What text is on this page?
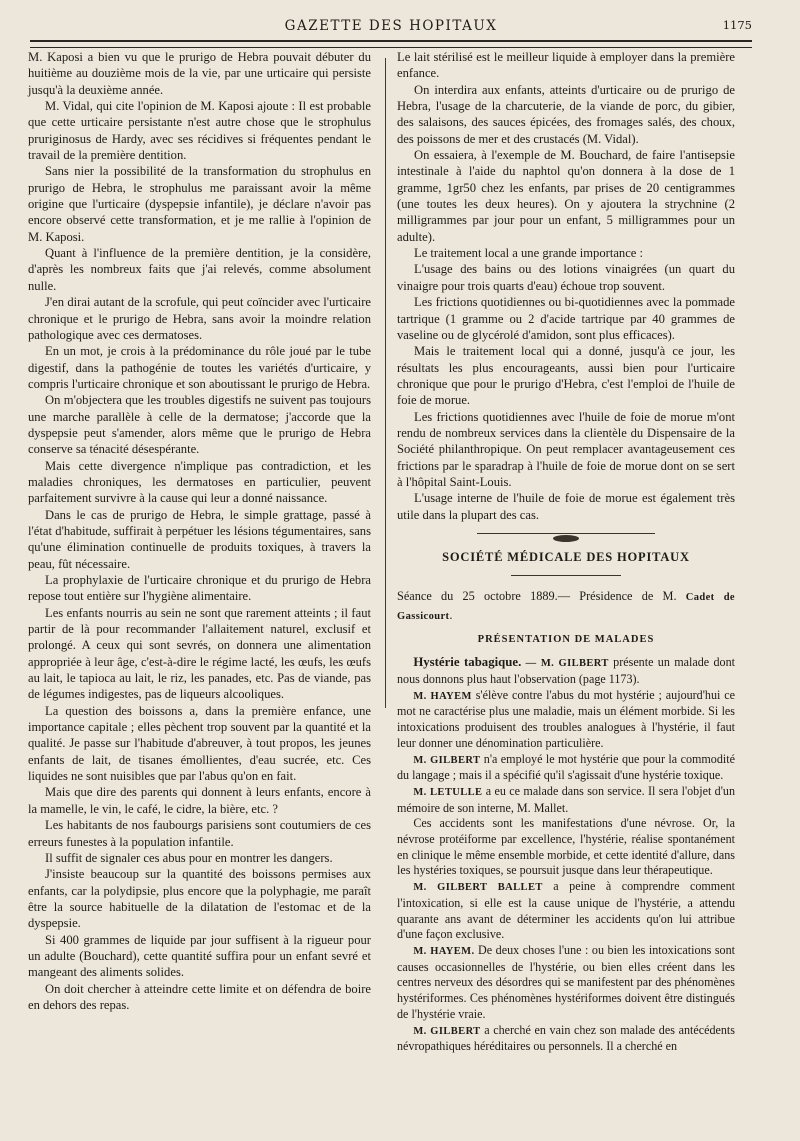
GAZETTE DES HOPITAUX	1175

M. Kaposi a bien vu que le prurigo de Hebra pouvait débuter du huitième au douzième mois de la vie, par une urticaire qui persiste jusqu'à la deuxième année.

M. Vidal, qui cite l'opinion de M. Kaposi ajoute : Il est probable que cette urticaire persistante n'est autre chose que le strophulus pruriginosus de Hardy, avec ses récidives si fréquentes pendant le travail de la première dentition.

Sans nier la possibilité de la transformation du strophulus en prurigo de Hebra, le strophulus me paraissant avoir la même origine que l'urticaire (dyspepsie infantile), je déclare n'avoir pas encore observé cette transformation, et je me rallie à l'opinion de M. Kaposi.

Quant à l'influence de la première dentition, je la considère, d'après les nombreux faits que j'ai relevés, comme absolument nulle.

J'en dirai autant de la scrofule, qui peut coïncider avec l'urticaire chronique et le prurigo de Hebra, sans avoir la moindre relation pathologique avec ces dermatoses.

En un mot, je crois à la prédominance du rôle joué par le tube digestif, dans la pathogénie de toutes les variétés d'urticaire, y compris l'urticaire chronique et son aboutissant le prurigo de Hebra.

On m'objectera que les troubles digestifs ne suivent pas toujours une marche parallèle à celle de la dermatose; j'accorde que la dyspepsie peut s'amender, alors même que le prurigo de Hebra conserve sa ténacité désespérante.

Mais cette divergence n'implique pas contradiction, et les maladies chroniques, les dermatoses en particulier, peuvent parfaitement survivre à la cause qui leur a donné naissance.

Dans le cas de prurigo de Hebra, le simple grattage, passé à l'état d'habitude, suffirait à perpétuer les lésions tégumentaires, sans qu'une élimination continuelle de produits toxiques, à travers la peau, fût nécessaire.

La prophylaxie de l'urticaire chronique et du prurigo de Hebra repose tout entière sur l'hygiène alimentaire.

Les enfants nourris au sein ne sont que rarement atteints ; il faut partir de là pour recommander l'allaitement naturel, exclusif et prolongé. A ceux qui sont sevrés, on donnera une alimentation appropriée à leur âge, c'est-à-dire le régime lacté, les œufs, les œufs au lait, le tapioca au lait, le riz, les panades, etc. Pas de viande, pas de légumes indigestes, pas de liqueurs alcooliques.

La question des boissons a, dans la première enfance, une importance capitale ; elles pèchent trop souvent par la quantité et la qualité. Je passe sur l'habitude d'abreuver, à tout propos, les jeunes enfants de lait, de tisanes émollientes, d'eau sucrée, etc. Ces liquides ne sont nuisibles que par l'abus qu'on en fait.

Mais que dire des parents qui donnent à leurs enfants, encore à la mamelle, le vin, le café, le cidre, la bière, etc. ?

Les habitants de nos faubourgs parisiens sont coutumiers de ces erreurs funestes à la population infantile.

Il suffit de signaler ces abus pour en montrer les dangers.

J'insiste beaucoup sur la quantité des boissons permises aux enfants, car la polydipsie, plus encore que la polyphagie, me paraît être la source habituelle de la dilatation de l'estomac et de la dyspepsie.

Si 400 grammes de liquide par jour suffisent à la rigueur pour un adulte (Bouchard), cette quantité suffira pour un enfant sevré et mangeant des aliments solides.

On doit chercher à atteindre cette limite et on défendra de boire en dehors des repas.

Le lait stérilisé est le meilleur liquide à employer dans la première enfance.

On interdira aux enfants, atteints d'urticaire ou de prurigo de Hebra, l'usage de la charcuterie, de la viande de porc, du gibier, des salaisons, des sauces épicées, des fromages salés, des choux, des poissons de mer et des crustacés (M. Vidal).

On essaiera, à l'exemple de M. Bouchard, de faire l'antisepsie intestinale à l'aide du naphtol qu'on donnera à la dose de 1 gramme, 1gr50 chez les enfants, par prises de 20 centigrammes (une toutes les deux heures). On y ajoutera la strychnine (2 milligrammes par jour pour un enfant, 5 milligrammes pour un adulte).

Le traitement local a une grande importance :

L'usage des bains ou des lotions vinaigrées (un quart du vinaigre pour trois quarts d'eau) échoue trop souvent.

Les frictions quotidiennes ou bi-quotidiennes avec la pommade tartrique (1 gramme ou 2 d'acide tartrique par 40 grammes de vaseline ou de glycérolé d'amidon, sont plus efficaces).

Mais le traitement local qui a donné, jusqu'à ce jour, les résultats les plus encourageants, aussi bien pour l'urticaire chronique que pour le prurigo d'Hebra, c'est l'emploi de l'huile de foie de morue.

Les frictions quotidiennes avec l'huile de foie de morue m'ont rendu de nombreux services dans la clientèle du Dispensaire de la Société philanthropique. On peut remplacer avantageusement ces frictions par le sparadrap à l'huile de foie de morue dont on se sert à l'hôpital Saint-Louis.

L'usage interne de l'huile de foie de morue est également très utile dans la plupart des cas.

SOCIÉTÉ MÉDICALE DES HOPITAUX

Séance du 25 octobre 1889.— Présidence de M. Cadet de Gassicourt.

PRÉSENTATION DE MALADES

Hystérie tabagique. — M. GILBERT présente un malade dont nous donnons plus haut l'observation (page 1173).

M. HAYEM s'élève contre l'abus du mot hystérie ; aujourd'hui ce mot ne caractérise plus une maladie, mais un élément morbide. Si les intoxications produisent des troubles analogues à l'hystérie, il faut leur donner une dénomination particulière.

M. GILBERT n'a employé le mot hystérie que pour la commodité du langage ; mais il a spécifié qu'il s'agissait d'une hystérie toxique.

M. LETULLE a eu ce malade dans son service. Il sera l'objet d'un mémoire de son interne, M. Mallet.

Ces accidents sont les manifestations d'une névrose. Or, la névrose protéiforme par excellence, l'hystérie, réalise spontanément en clinique le même ensemble morbide, et cette identité d'allure, dans les hystéries toxiques, se poursuit jusque dans leur thérapeutique.

M. GILBERT BALLET a peine à comprendre comment l'intoxication, si elle est la cause unique de l'hystérie, a attendu quarante ans avant de déterminer les accidents qu'on lui attribue d'une façon exclusive.

M. HAYEM. De deux choses l'une : ou bien les intoxications sont causes occasionnelles de l'hystérie, ou bien elles créent dans les centres nerveux des désordres qui se manifestent par des phénomènes hystériformes. Ces phénomènes hystériformes doivent être distingués de l'hystérie vraie.

M. GILBERT a cherché en vain chez son malade des antécédents névropathiques héréditaires ou personnels. Il a cherché en
